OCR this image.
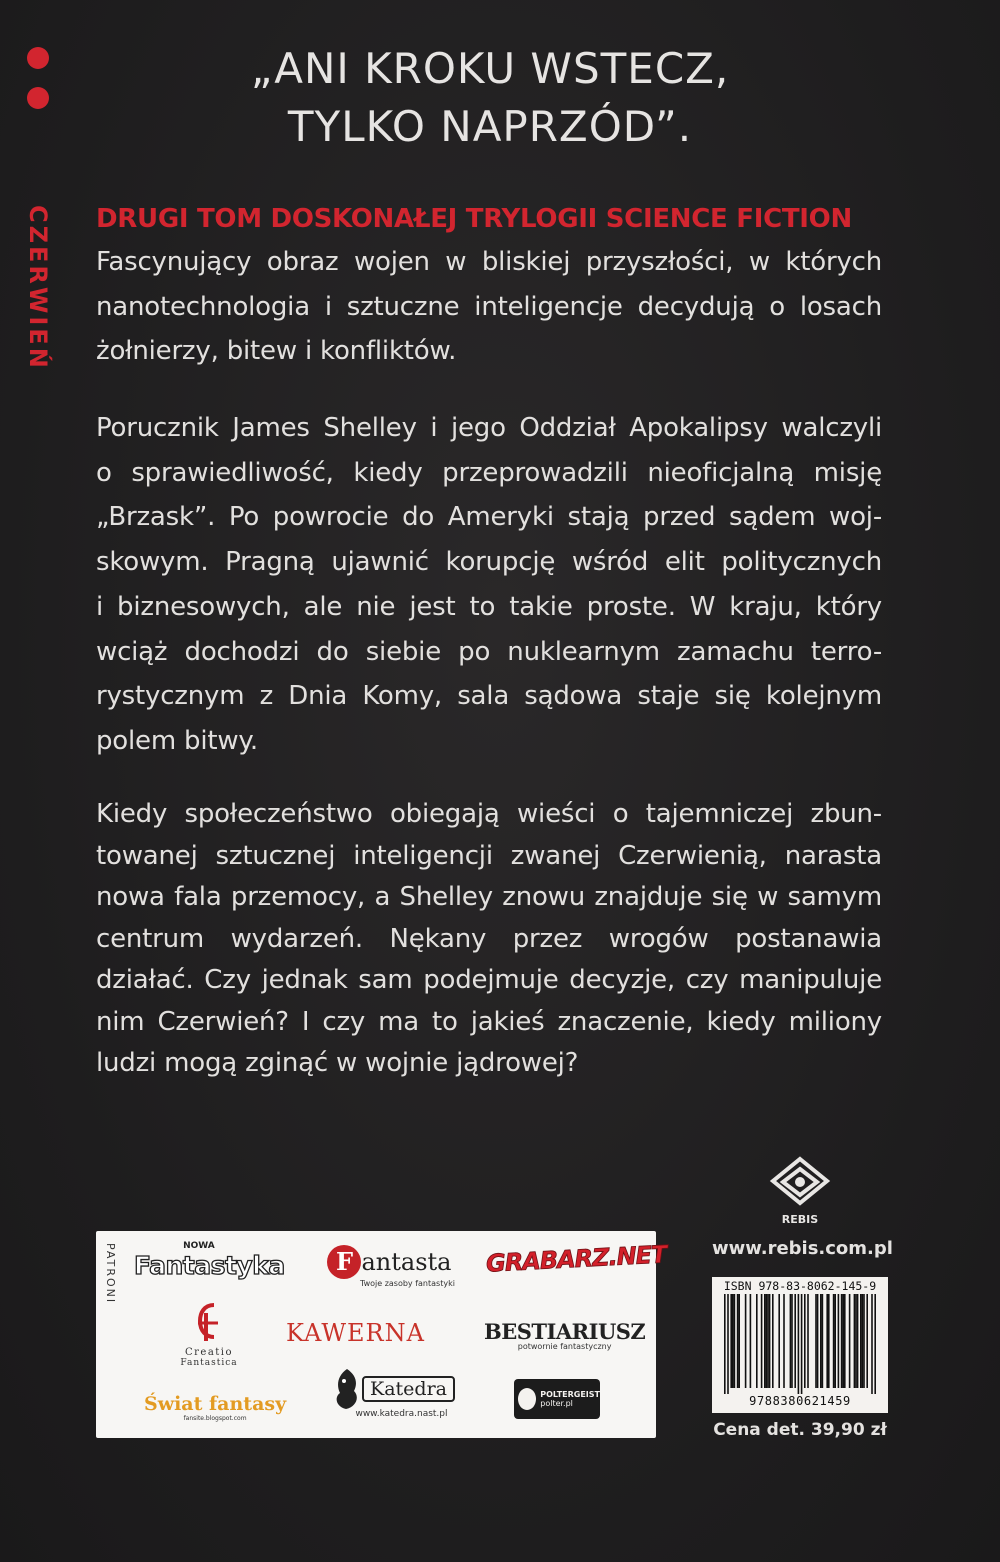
CZERWIEŃ
„ANI KROKU WSTECZ,
TYLKO NAPRZÓD”.
DRUGI TOM DOSKONAŁEJ TRYLOGII SCIENCE FICTION
Fascynujący obraz wojen w bliskiej przyszłości, w których
nanotechnologia i sztuczne inteligencje decydują o losach
żołnierzy, bitew i konfliktów.
Porucznik James Shelley i jego Oddział Apokalipsy walczyli
o sprawiedliwość, kiedy przeprowadzili nieoficjalną misję
„Brzask”. Po powrocie do Ameryki stają przed sądem woj-
skowym. Pragną ujawnić korupcję wśród elit politycznych
i biznesowych, ale nie jest to takie proste. W kraju, który
wciąż dochodzi do siebie po nuklearnym zamachu terro-
rystycznym z Dnia Komy, sala sądowa staje się kolejnym
polem bitwy.
Kiedy społeczeństwo obiegają wieści o tajemniczej zbun-
towanej sztucznej inteligencji zwanej Czerwienią, narasta
nowa fala przemocy, a Shelley znowu znajduje się w samym
centrum wydarzeń. Nękany przez wrogów postanawia
działać. Czy jednak sam podejmuje decyzje, czy manipuluje
nim Czerwień? I czy ma to jakieś znaczenie, kiedy miliony
ludzi mogą zginąć w wojnie jądrowej?
PATRONI	NOWA
Fantastyka	F antasta
Twoje zasoby fantastyki
GRABARZ.NET
Creatio
Fantastica
KAWERNA	BESTIARIUSZ
potwornie fantastyczny
Świat fantasy
fansite.blogspot.com
Katedra
www.katedra.nast.pl
POLTERGEIST
polter.pl
REBIS
www.rebis.com.pl
ISBN 978-83-8062-145-9
9788380621459
Cena det. 39,90 zł
